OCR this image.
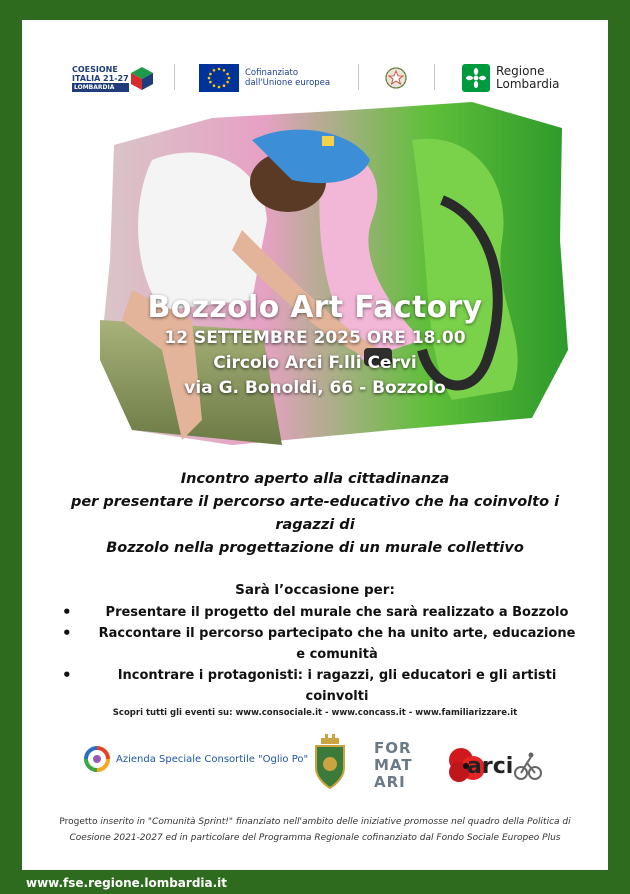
COESIONE
ITALIA 21-27
LOMBARDIA
Cofinanziato
dall'Unione europea
Regione
Lombardia
Bozzolo Art Factory
12 SETTEMBRE 2025 ORE 18.00
Circolo Arci F.lli Cervi
via G. Bonoldi, 66 - Bozzolo
Incontro aperto alla cittadinanza
per presentare il percorso arte-educativo che ha coinvolto i ragazzi di
Bozzolo nella progettazione di un murale collettivo
Sarà l’occasione per:
•	Presentare il progetto del murale che sarà realizzato a Bozzolo
• Raccontare il percorso partecipato che ha unito arte, educazione e comunità
•	Incontrare i protagonisti: i ragazzi, gli educatori e gli artisti coinvolti
Scopri tutti gli eventi su: www.consociale.it - www.concass.it - www.familiarizzare.it
Azienda Speciale Consortile "Oglio Po"
FOR
MAT
ARI
arci
Progetto inserito in "Comunità Sprint!" finanziato nell'ambito delle iniziative promosse nel quadro della Politica di
Coesione 2021-2027 ed in particolare del Programma Regionale cofinanziato dal Fondo Sociale Europeo Plus
www.fse.regione.lombardia.it
